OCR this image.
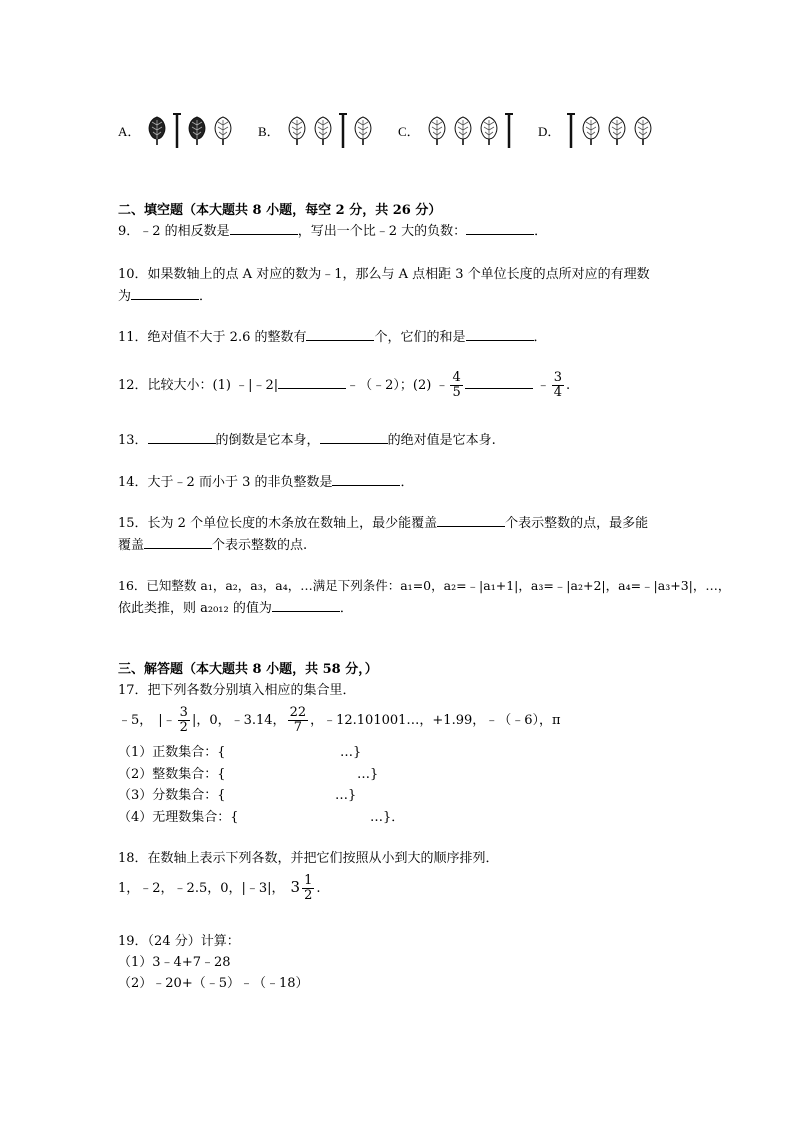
A．	B．	C．	D．
二、填空题（本大题共 8 小题，每空 2 分，共 26 分）
9．﹣2 的相反数是	，写出一个比﹣2 大的负数：	．
10．如果数轴上的点 A 对应的数为﹣1，那么与 A 点相距 3 个单位长度的点所对应的有理数
为	．
11．绝对值不大于 2.6 的整数有	个，它们的和是	．
12．比较大小：(1) ﹣|﹣2|	﹣（﹣2）；(2) ﹣ $\frac{4}{5}$	﹣ $\frac{3}{4}$ .
13．	的倒数是它本身，	的绝对值是它本身.
14．大于﹣2 而小于 3 的非负整数是	．
15．长为 2 个单位长度的木条放在数轴上，最少能覆盖	个表示整数的点，最多能
覆盖	个表示整数的点.
16．已知整数 a₁，a₂，a₃，a₄，…满足下列条件：a₁=0，a₂=﹣|a₁+1|，a₃=﹣|a₂+2|，a₄=﹣|a₃+3|，…，
依此类推，则 a₂₀₁₂ 的值为	．
三、解答题（本大题共 8 小题，共 58 分，）
17．把下列各数分别填入相应的集合里．
﹣5， |﹣ $\frac{3}{2}$ |，0，﹣3.14， $\frac{22}{7}$ ，﹣12.101001…，+1.99，﹣（﹣6），π
（1）正数集合：{	…}
（2）整数集合：{	…}
（3）分数集合：{	…}
（4）无理数集合：{	…}．
18．在数轴上表示下列各数，并把它们按照从小到大的顺序排列．
1，﹣2，﹣2.5，0，|﹣3|， $3 \frac{1}{2}$ .
19．（24 分）计算：
（1）3﹣4+7﹣28
（2）﹣20+（﹣5）﹣（﹣18）
